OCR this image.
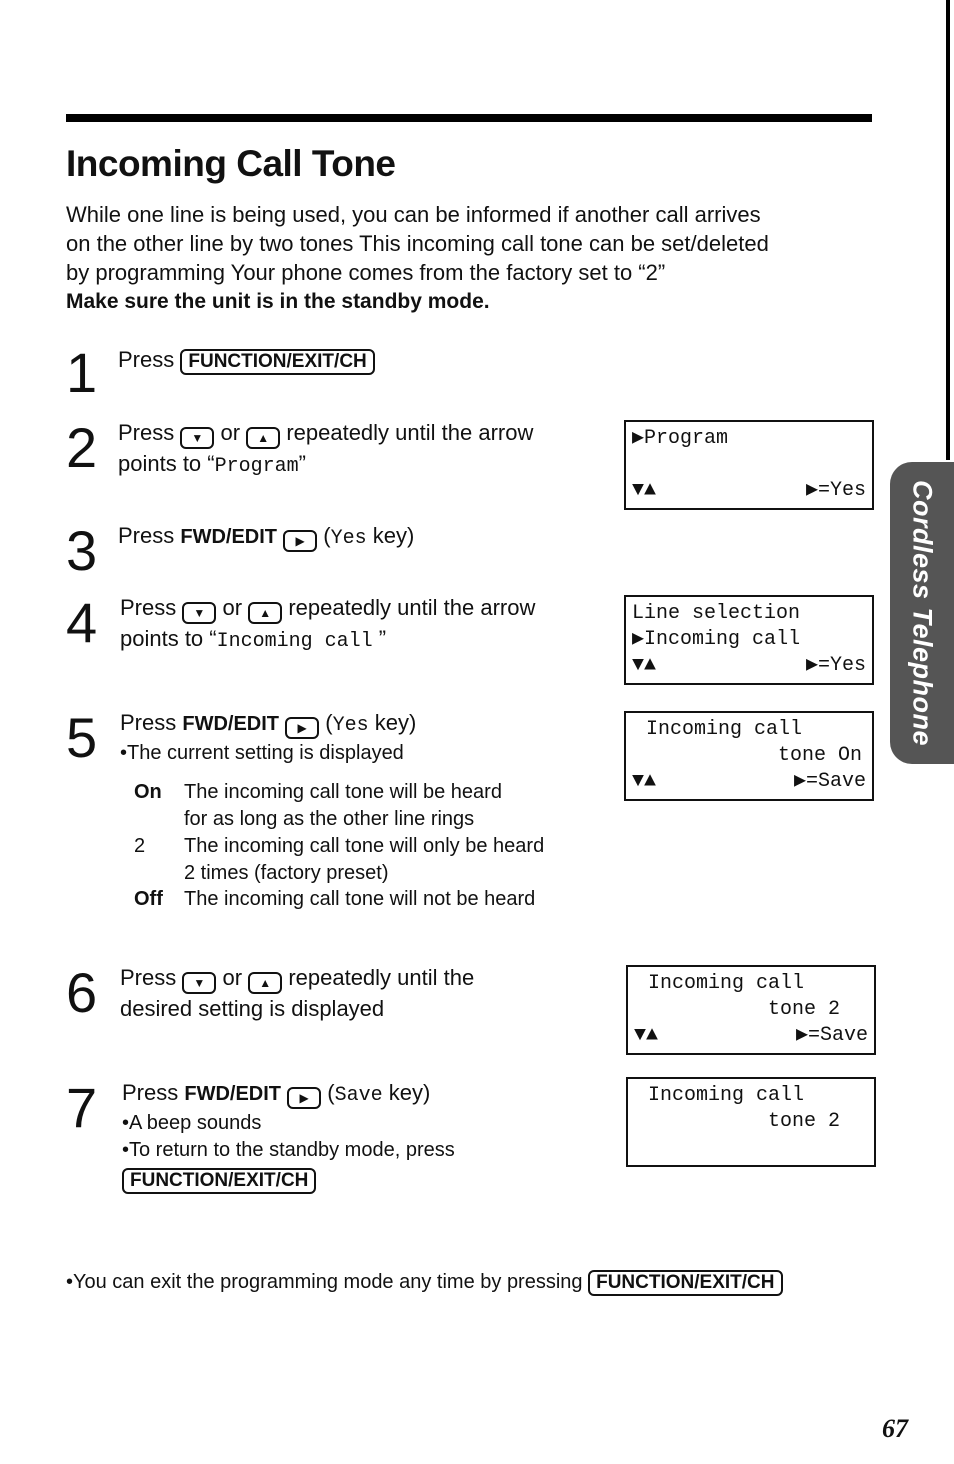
Cordless Telephone
Incoming Call Tone

While one line is being used, you can be informed if another call arrives

on the other line by two tones This incoming call tone can be set/deleted

by programming Your phone comes from the factory set to “2”

Make sure the unit is in the standby mode.

1 Press FUNCTION/EXIT/CH
2 Press ▼ or ▲ repeatedly until the arrow
points to “Program”
3 Press FWD/EDIT ▶ (Yes key)
4 Press ▼ or ▲ repeatedly until the arrow
points to “Incoming call ”
5 Press FWD/EDIT ▶ (Yes key)
•The current setting is displayed
On The incoming call tone will be heard
for as long as the other line rings
2 The incoming call tone will only be heard
2 times (factory preset)
Off The incoming call tone will not be heard
6 Press ▼ or ▲ repeatedly until the
desired setting is displayed
7 Press FWD/EDIT ▶ (Save key)
•A beep sounds
•To return to the standby mode, press
FUNCTION/EXIT/CH
▶Program
▼▲	▶=Yes
Line selection
▶Incoming call
▼▲	▶=Yes
Incoming call
tone On
▼▲	▶=Save
Incoming call
tone 2
▼▲	▶=Save
Incoming call
tone 2
•You can exit the programming mode any time by pressing FUNCTION/EXIT/CH
67
